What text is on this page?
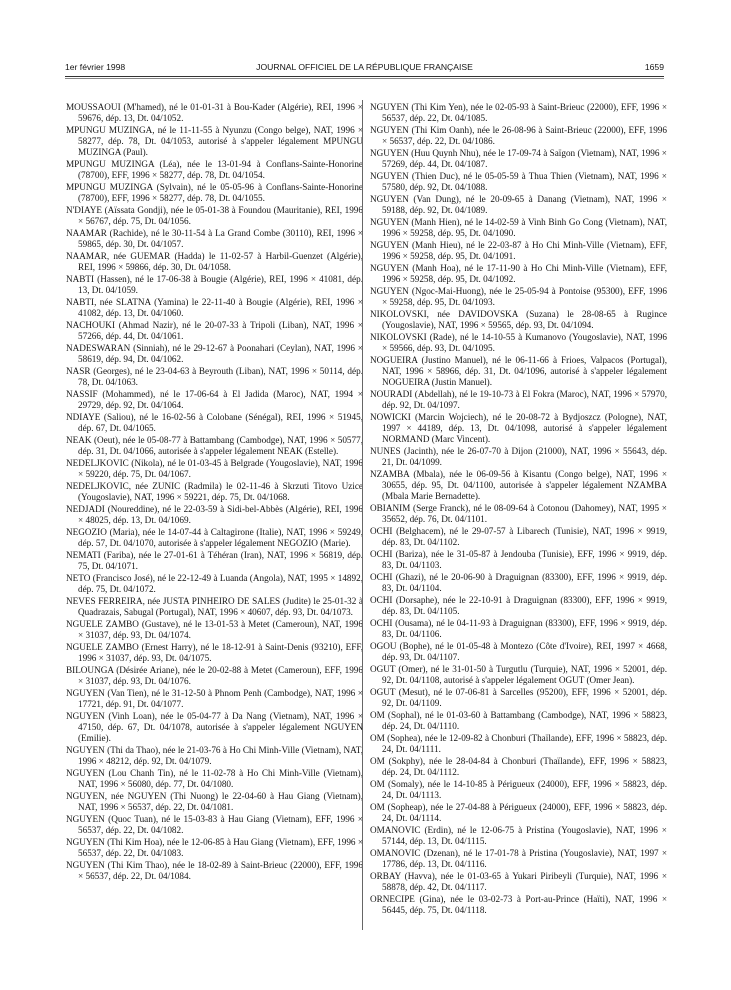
1er février 1998	JOURNAL OFFICIEL DE LA RÉPUBLIQUE FRANÇAISE	1659

MOUSSAOUI (M'hamed), né le 01-01-31 à Bou-Kader (Algérie), REI, 1996 × 59676, dép. 13, Dt. 04/1052.

MPUNGU MUZINGA, né le 11-11-55 à Nyunzu (Congo belge), NAT, 1996 × 58277, dép. 78, Dt. 04/1053, autorisé à s'appeler légalement MPUNGU MUZINGA (Paul).

MPUNGU MUZINGA (Léa), née le 13-01-94 à Conflans-Sainte-Honorine (78700), EFF, 1996 × 58277, dép. 78, Dt. 04/1054.

MPUNGU MUZINGA (Sylvain), né le 05-05-96 à Conflans-Sainte-Honorine (78700), EFF, 1996 × 58277, dép. 78, Dt. 04/1055.

N'DIAYE (Aïssata Gondji), née le 05-01-38 à Foundou (Mauritanie), REI, 1996 × 56767, dép. 75, Dt. 04/1056.

NAAMAR (Rachide), né le 30-11-54 à La Grand Combe (30110), REI, 1996 × 59865, dép. 30, Dt. 04/1057.

NAAMAR, née GUEMAR (Hadda) le 11-02-57 à Harbil-Guenzet (Algérie), REI, 1996 × 59866, dép. 30, Dt. 04/1058.

NABTI (Hassen), né le 17-06-38 à Bougie (Algérie), REI, 1996 × 41081, dép. 13, Dt. 04/1059.

NABTI, née SLATNA (Yamina) le 22-11-40 à Bougie (Algérie), REI, 1996 × 41082, dép. 13, Dt. 04/1060.

NACHOUKI (Ahmad Nazir), né le 20-07-33 à Tripoli (Liban), NAT, 1996 × 57266, dép. 44, Dt. 04/1061.

NADESWARAN (Sinniah), né le 29-12-67 à Poonahari (Ceylan), NAT, 1996 × 58619, dép. 94, Dt. 04/1062.

NASR (Georges), né le 23-04-63 à Beyrouth (Liban), NAT, 1996 × 50114, dép. 78, Dt. 04/1063.

NASSIF (Mohammed), né le 17-06-64 à El Jadida (Maroc), NAT, 1994 × 29729, dép. 92, Dt. 04/1064.

NDIAYE (Saliou), né le 16-02-56 à Colobane (Sénégal), REI, 1996 × 51945, dép. 67, Dt. 04/1065.

NEAK (Oeut), née le 05-08-77 à Battambang (Cambodge), NAT, 1996 × 50577, dép. 31, Dt. 04/1066, autorisée à s'appeler légalement NEAK (Estelle).

NEDELJKOVIC (Nikola), né le 01-03-45 à Belgrade (Yougoslavie), NAT, 1996 × 59220, dép. 75, Dt. 04/1067.

NEDELJKOVIC, née ZUNIC (Radmila) le 02-11-46 à Skrzuti Titovo Uzice (Yougoslavie), NAT, 1996 × 59221, dép. 75, Dt. 04/1068.

NEDJADI (Noureddine), né le 22-03-59 à Sidi-bel-Abbès (Algérie), REI, 1996 × 48025, dép. 13, Dt. 04/1069.

NEGOZIO (Maria), née le 14-07-44 à Caltagirone (Italie), NAT, 1996 × 59249, dép. 57, Dt. 04/1070, autorisée à s'appeler légalement NEGOZIO (Marie).

NEMATI (Fariba), née le 27-01-61 à Téhéran (Iran), NAT, 1996 × 56819, dép. 75, Dt. 04/1071.

NETO (Francisco José), né le 22-12-49 à Luanda (Angola), NAT, 1995 × 14892, dép. 75, Dt. 04/1072.

NEVES FERREIRA, née JUSTA PINHEIRO DE SALES (Judite) le 25-01-32 à Quadrazais, Sabugal (Portugal), NAT, 1996 × 40607, dép. 93, Dt. 04/1073.

NGUELE ZAMBO (Gustave), né le 13-01-53 à Metet (Cameroun), NAT, 1996 × 31037, dép. 93, Dt. 04/1074.

NGUELE ZAMBO (Ernest Harry), né le 18-12-91 à Saint-Denis (93210), EFF, 1996 × 31037, dép. 93, Dt. 04/1075.

BILOUNGA (Désirée Ariane), née le 20-02-88 à Metet (Cameroun), EFF, 1996 × 31037, dép. 93, Dt. 04/1076.

NGUYEN (Van Tien), né le 31-12-50 à Phnom Penh (Cambodge), NAT, 1996 × 17721, dép. 91, Dt. 04/1077.

NGUYEN (Vinh Loan), née le 05-04-77 à Da Nang (Vietnam), NAT, 1996 × 47150, dép. 67, Dt. 04/1078, autorisée à s'appeler légalement NGUYEN (Emilie).

NGUYEN (Thi da Thao), née le 21-03-76 à Ho Chi Minh-Ville (Vietnam), NAT, 1996 × 48212, dép. 92, Dt. 04/1079.

NGUYEN (Lou Chanh Tin), né le 11-02-78 à Ho Chi Minh-Ville (Vietnam), NAT, 1996 × 56080, dép. 77, Dt. 04/1080.

NGUYEN, née NGUYEN (Thi Nuong) le 22-04-60 à Hau Giang (Vietnam), NAT, 1996 × 56537, dép. 22, Dt. 04/1081.

NGUYEN (Quoc Tuan), né le 15-03-83 à Hau Giang (Vietnam), EFF, 1996 × 56537, dép. 22, Dt. 04/1082.

NGUYEN (Thi Kim Hoa), née le 12-06-85 à Hau Giang (Vietnam), EFF, 1996 × 56537, dép. 22, Dt. 04/1083.

NGUYEN (Thi Kim Thao), née le 18-02-89 à Saint-Brieuc (22000), EFF, 1996 × 56537, dép. 22, Dt. 04/1084.

NGUYEN (Thi Kim Yen), née le 02-05-93 à Saint-Brieuc (22000), EFF, 1996 × 56537, dép. 22, Dt. 04/1085.

NGUYEN (Thi Kim Oanh), née le 26-08-96 à Saint-Brieuc (22000), EFF, 1996 × 56537, dép. 22, Dt. 04/1086.

NGUYEN (Huu Quynh Nhu), née le 17-09-74 à Saïgon (Vietnam), NAT, 1996 × 57269, dép. 44, Dt. 04/1087.

NGUYEN (Thien Duc), né le 05-05-59 à Thua Thien (Vietnam), NAT, 1996 × 57580, dép. 92, Dt. 04/1088.

NGUYEN (Van Dung), né le 20-09-65 à Danang (Vietnam), NAT, 1996 × 59188, dép. 92, Dt. 04/1089.

NGUYEN (Manh Hien), né le 14-02-59 à Vinh Binh Go Cong (Vietnam), NAT, 1996 × 59258, dép. 95, Dt. 04/1090.

NGUYEN (Manh Hieu), né le 22-03-87 à Ho Chi Minh-Ville (Vietnam), EFF, 1996 × 59258, dép. 95, Dt. 04/1091.

NGUYEN (Manh Hoa), né le 17-11-90 à Ho Chi Minh-Ville (Vietnam), EFF, 1996 × 59258, dép. 95, Dt. 04/1092.

NGUYEN (Ngoc-Mai-Huong), née le 25-05-94 à Pontoise (95300), EFF, 1996 × 59258, dép. 95, Dt. 04/1093.

NIKOLOVSKI, née DAVIDOVSKA (Suzana) le 28-08-65 à Rugince (Yougoslavie), NAT, 1996 × 59565, dép. 93, Dt. 04/1094.

NIKOLOVSKI (Rade), né le 14-10-55 à Kumanovo (Yougoslavie), NAT, 1996 × 59566, dép. 93, Dt. 04/1095.

NOGUEIRA (Justino Manuel), né le 06-11-66 à Frioes, Valpacos (Portugal), NAT, 1996 × 58966, dép. 31, Dt. 04/1096, autorisé à s'appeler légalement NOGUEIRA (Justin Manuel).

NOURADI (Abdellah), né le 19-10-73 à El Fokra (Maroc), NAT, 1996 × 57970, dép. 92, Dt. 04/1097.

NOWICKI (Marcin Wojciech), né le 20-08-72 à Bydjoszcz (Pologne), NAT, 1997 × 44189, dép. 13, Dt. 04/1098, autorisé à s'appeler légalement NORMAND (Marc Vincent).

NUNES (Jacinth), née le 26-07-70 à Dijon (21000), NAT, 1996 × 55643, dép. 21, Dt. 04/1099.

NZAMBA (Mbala), née le 06-09-56 à Kisantu (Congo belge), NAT, 1996 × 30655, dép. 95, Dt. 04/1100, autorisée à s'appeler légalement NZAMBA (Mbala Marie Bernadette).

OBIANIM (Serge Franck), né le 08-09-64 à Cotonou (Dahomey), NAT, 1995 × 35652, dép. 76, Dt. 04/1101.

OCHI (Belghacem), né le 29-07-57 à Libarech (Tunisie), NAT, 1996 × 9919, dép. 83, Dt. 04/1102.

OCHI (Bariza), née le 31-05-87 à Jendouba (Tunisie), EFF, 1996 × 9919, dép. 83, Dt. 04/1103.

OCHI (Ghazi), né le 20-06-90 à Draguignan (83300), EFF, 1996 × 9919, dép. 83, Dt. 04/1104.

OCHI (Dorsaphe), née le 22-10-91 à Draguignan (83300), EFF, 1996 × 9919, dép. 83, Dt. 04/1105.

OCHI (Ousama), né le 04-11-93 à Draguignan (83300), EFF, 1996 × 9919, dép. 83, Dt. 04/1106.

OGOU (Bophe), né le 01-05-48 à Montezo (Côte d'Ivoire), REI, 1997 × 4668, dép. 93, Dt. 04/1107.

OGUT (Omer), né le 31-01-50 à Turgutlu (Turquie), NAT, 1996 × 52001, dép. 92, Dt. 04/1108, autorisé à s'appeler légalement OGUT (Omer Jean).

OGUT (Mesut), né le 07-06-81 à Sarcelles (95200), EFF, 1996 × 52001, dép. 92, Dt. 04/1109.

OM (Sophal), né le 01-03-60 à Battambang (Cambodge), NAT, 1996 × 58823, dép. 24, Dt. 04/1110.

OM (Sophea), née le 12-09-82 à Chonburi (Thaïlande), EFF, 1996 × 58823, dép. 24, Dt. 04/1111.

OM (Sokphy), née le 28-04-84 à Chonburi (Thaïlande), EFF, 1996 × 58823, dép. 24, Dt. 04/1112.

OM (Somaly), née le 14-10-85 à Périgueux (24000), EFF, 1996 × 58823, dép. 24, Dt. 04/1113.

OM (Sopheap), née le 27-04-88 à Périgueux (24000), EFF, 1996 × 58823, dép. 24, Dt. 04/1114.

OMANOVIC (Erdin), né le 12-06-75 à Pristina (Yougoslavie), NAT, 1996 × 57144, dép. 13, Dt. 04/1115.

OMANOVIC (Dzenan), né le 17-01-78 à Pristina (Yougoslavie), NAT, 1997 × 17786, dép. 13, Dt. 04/1116.

ORBAY (Havva), née le 01-03-65 à Yukari Piribeyli (Turquie), NAT, 1996 × 58878, dép. 42, Dt. 04/1117.

ORNECIPE (Gina), née le 03-02-73 à Port-au-Prince (Haïti), NAT, 1996 × 56445, dép. 75, Dt. 04/1118.
